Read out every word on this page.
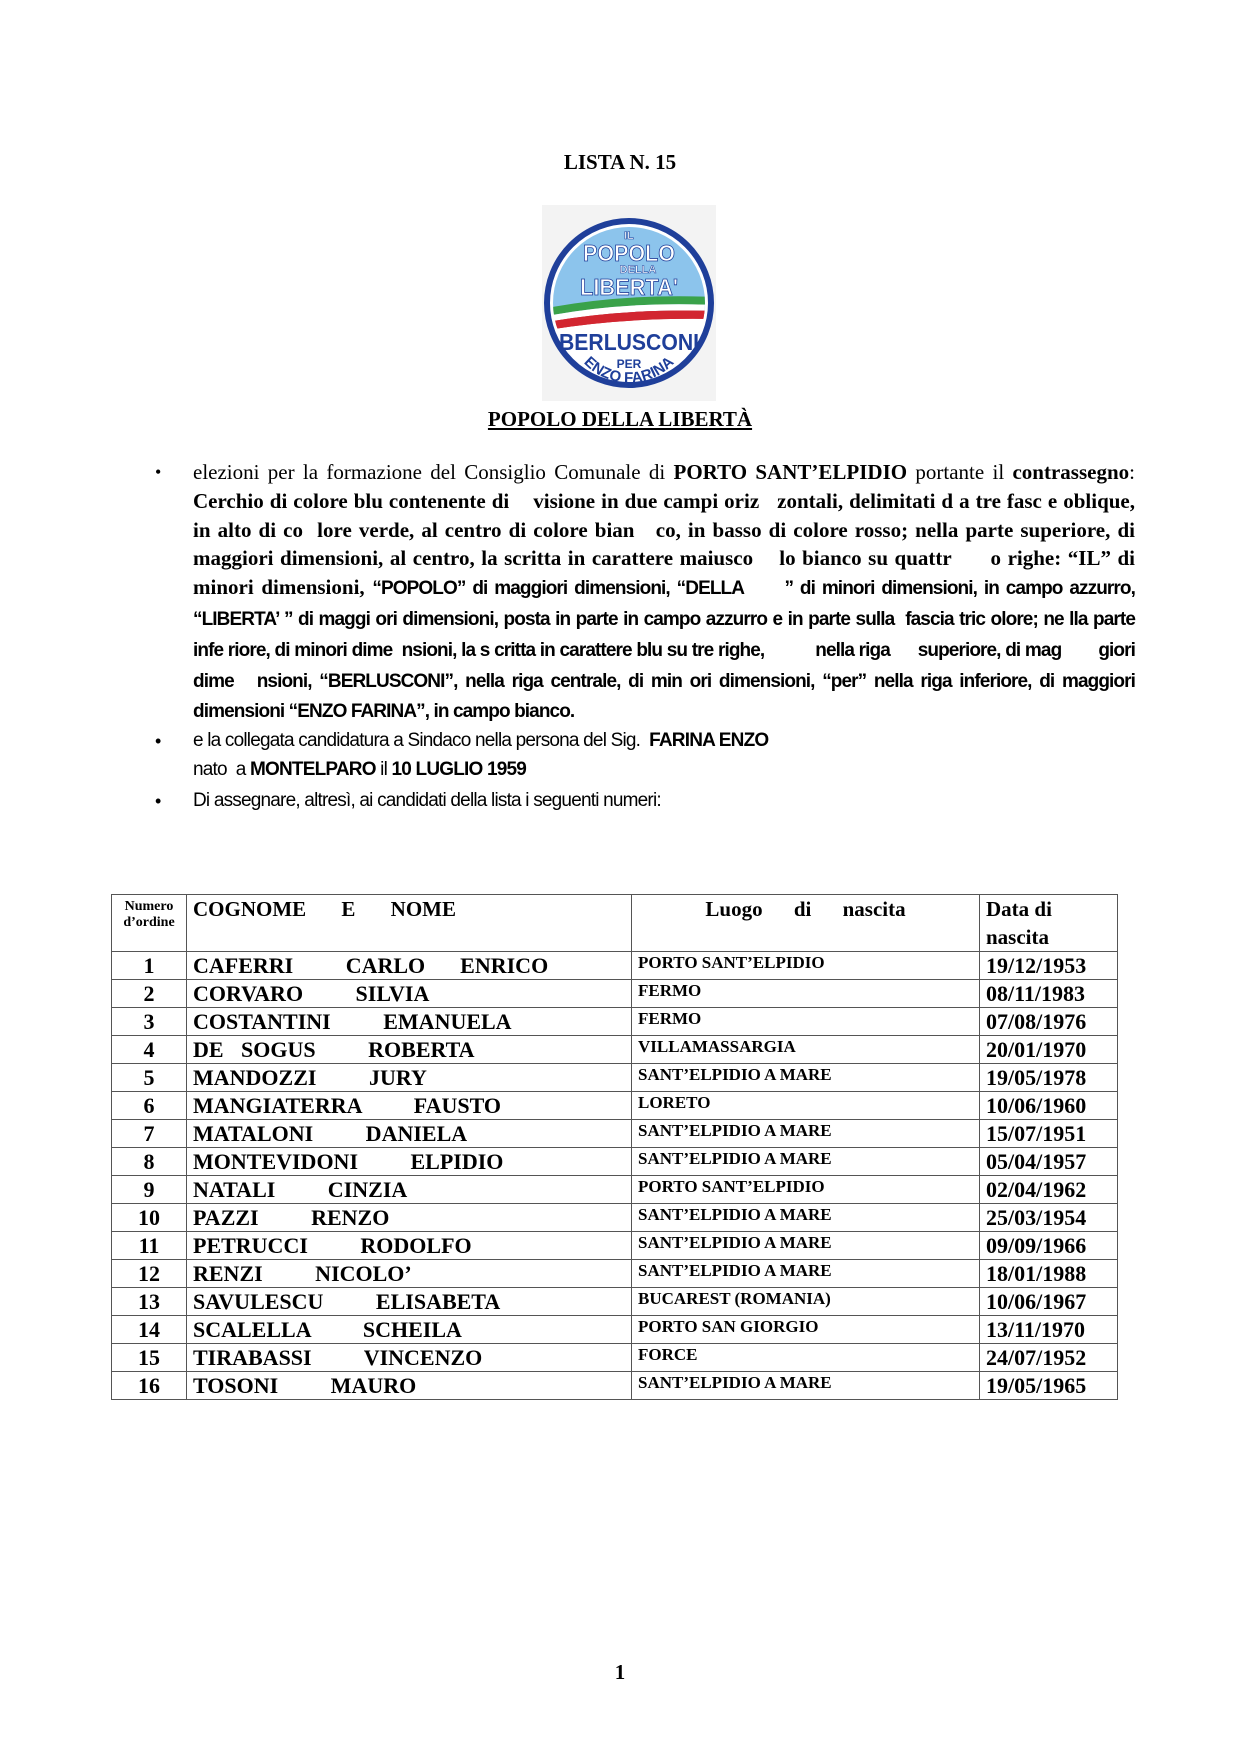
LISTA N. 15
IL
POPOLO
DELLA
LIBERTA'
BERLUSCONI
PER
ENZO FARINA
POPOLO DELLA LIBERTÀ
• elezioni per la formazione del Consiglio Comunale di PORTO SANT’ELPIDIO portante il contrassegno: Cerchio di colore blu contenente di    visione in due campi oriz   zontali, delimitati d a tre fasc e oblique, in alto di co  lore verde, al centro di colore bian   co, in basso di colore rosso; nella parte superiore, di maggiori dimensioni, al centro, la scritta in carattere maiusco    lo bianco su quattr      o righe: “IL” di minori dimensioni, “POPOLO” di maggiori dimensioni, “DELLA      ” di minori dimensioni, in campo azzurro, “LIBERTA’ ” di maggi ori dimensioni, posta in parte in campo azzurro e in parte sulla  fascia tric olore; ne lla parte infe riore, di minori dime  nsioni, la s critta in carattere blu su tre righe,           nella riga      superiore, di mag        giori dime   nsioni, “BERLUSCONI”, nella riga centrale, di min ori dimensioni, “per” nella riga inferiore, di maggiori dimensioni “ENZO FARINA”, in campo bianco.
• e la collegata candidatura a Sindaco nella persona del Sig.  FARINA ENZO
nato  a MONTELPARO il 10 LUGLIO 1959
• Di assegnare, altresì, ai candidati della lista i seguenti numeri:
Numero d’ordine	COGNOME E NOME	Luogo di nascita	Data di nascita
1	CAFERRI   CARLO  ENRICO	PORTO SANT’ELPIDIO	19/12/1953
2	CORVARO   SILVIA	FERMO	08/11/1983
3	COSTANTINI   EMANUELA	FERMO	07/08/1976
4	DE SOGUS   ROBERTA	VILLAMASSARGIA	20/01/1970
5	MANDOZZI   JURY	SANT’ELPIDIO A MARE	19/05/1978
6	MANGIATERRA   FAUSTO	LORETO	10/06/1960
7	MATALONI   DANIELA	SANT’ELPIDIO A MARE	15/07/1951
8	MONTEVIDONI   ELPIDIO	SANT’ELPIDIO A MARE	05/04/1957
9	NATALI   CINZIA	PORTO SANT’ELPIDIO	02/04/1962
10	PAZZI   RENZO	SANT’ELPIDIO A MARE	25/03/1954
11	PETRUCCI   RODOLFO	SANT’ELPIDIO A MARE	09/09/1966
12	RENZI   NICOLO’	SANT’ELPIDIO A MARE	18/01/1988
13	SAVULESCU   ELISABETA	BUCAREST (ROMANIA)	10/06/1967
14	SCALELLA   SCHEILA	PORTO SAN GIORGIO	13/11/1970
15	TIRABASSI   VINCENZO	FORCE	24/07/1952
16	TOSONI   MAURO	SANT’ELPIDIO A MARE	19/05/1965
1
